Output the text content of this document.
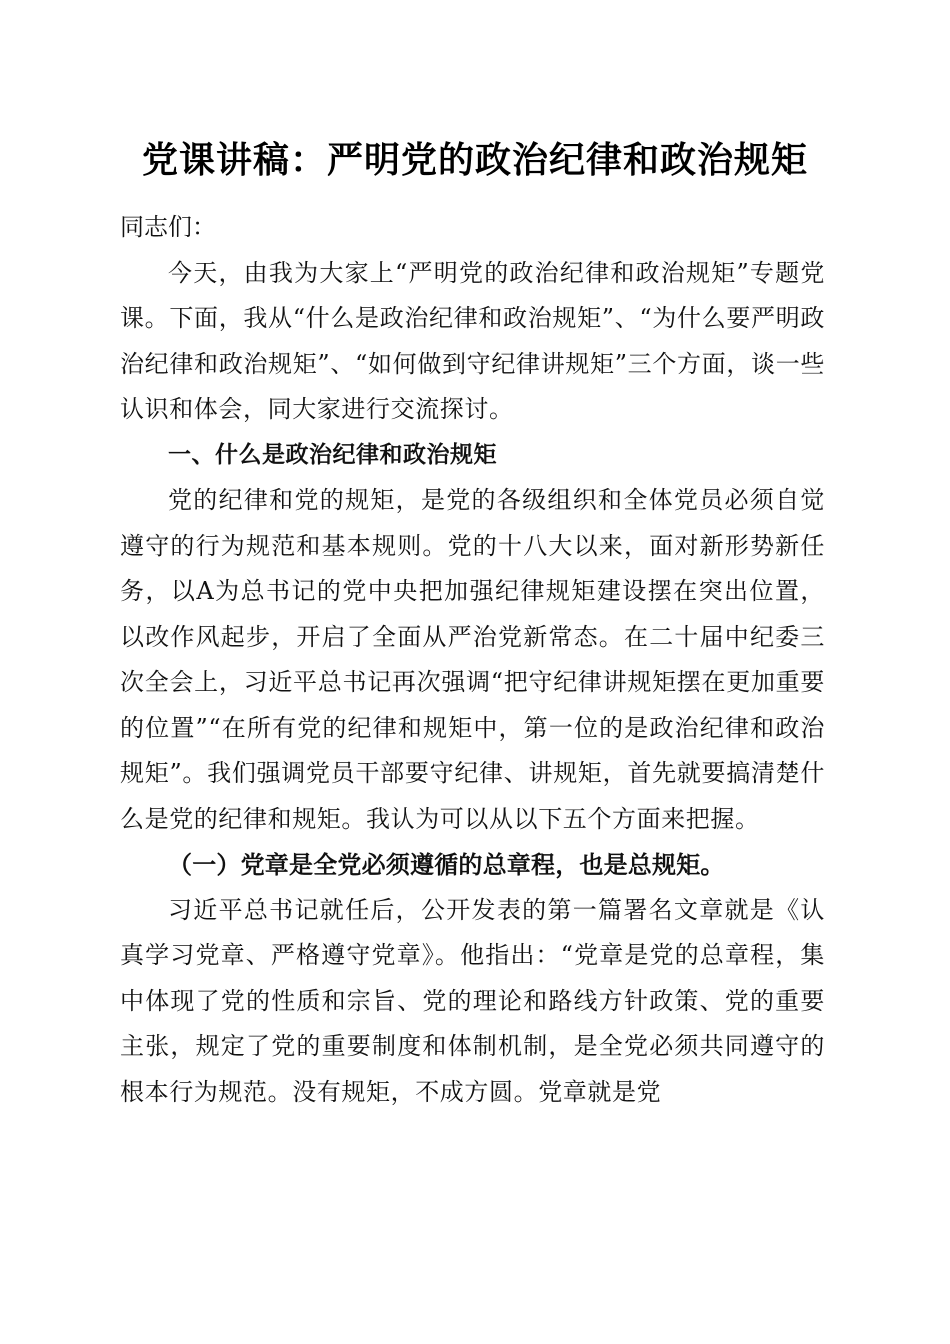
党课讲稿：严明党的政治纪律和政治规矩

同志们：

今天，由我为大家上“严明党的政治纪律和政治规矩”专题党课。下面，我从“什么是政治纪律和政治规矩”、“为什么要严明政治纪律和政治规矩”、“如何做到守纪律讲规矩”三个方面，谈一些认识和体会，同大家进行交流探讨。

一、什么是政治纪律和政治规矩

党的纪律和党的规矩，是党的各级组织和全体党员必须自觉遵守的行为规范和基本规则。党的十八大以来，面对新形势新任务，以A为总书记的党中央把加强纪律规矩建设摆在突出位置，以改作风起步，开启了全面从严治党新常态。在二十届中纪委三次全会上，习近平总书记再次强调“把守纪律讲规矩摆在更加重要的位置”“在所有党的纪律和规矩中，第一位的是政治纪律和政治规矩”。我们强调党员干部要守纪律、讲规矩，首先就要搞清楚什么是党的纪律和规矩。我认为可以从以下五个方面来把握。

（一）党章是全党必须遵循的总章程，也是总规矩。

习近平总书记就任后，公开发表的第一篇署名文章就是《认真学习党章、严格遵守党章》。他指出：“党章是党的总章程，集中体现了党的性质和宗旨、党的理论和路线方针政策、党的重要主张，规定了党的重要制度和体制机制，是全党必须共同遵守的根本行为规范。没有规矩，不成方圆。党章就是党
